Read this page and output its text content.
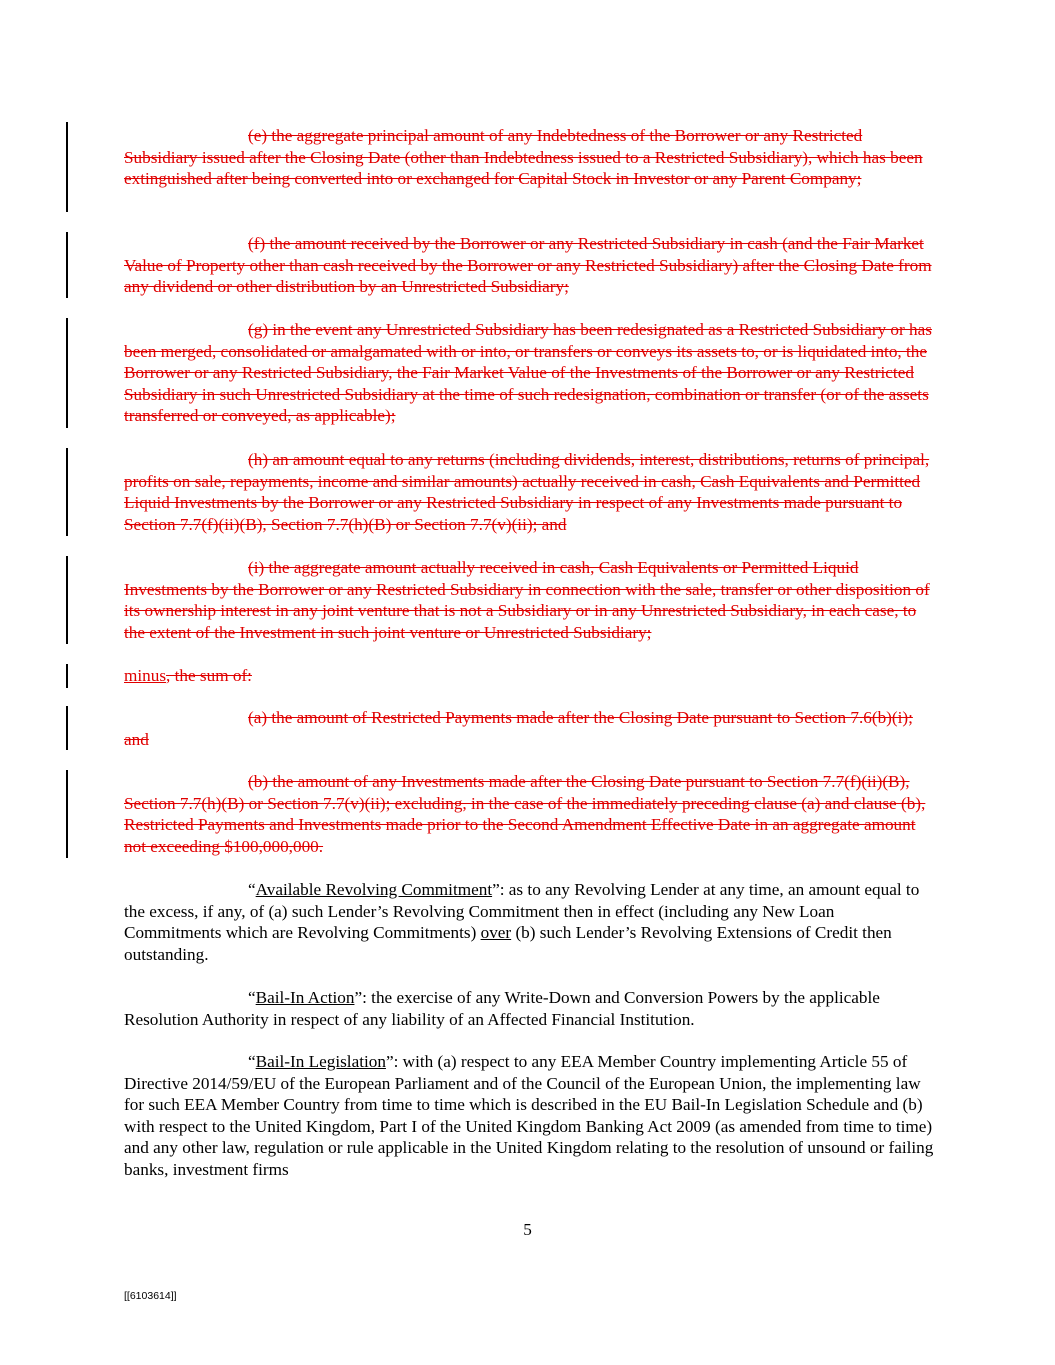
(e) the aggregate principal amount of any Indebtedness of the Borrower or any Restricted Subsidiary issued after the Closing Date (other than Indebtedness issued to a Restricted Subsidiary), which has been extinguished after being converted into or exchanged for Capital Stock in Investor or any Parent Company;

(f) the amount received by the Borrower or any Restricted Subsidiary in cash (and the Fair Market Value of Property other than cash received by the Borrower or any Restricted Subsidiary) after the Closing Date from any dividend or other distribution by an Unrestricted Subsidiary;

(g) in the event any Unrestricted Subsidiary has been redesignated as a Restricted Subsidiary or has been merged, consolidated or amalgamated with or into, or transfers or conveys its assets to, or is liquidated into, the Borrower or any Restricted Subsidiary, the Fair Market Value of the Investments of the Borrower or any Restricted Subsidiary in such Unrestricted Subsidiary at the time of such redesignation, combination or transfer (or of the assets transferred or conveyed, as applicable);

(h) an amount equal to any returns (including dividends, interest, distributions, returns of principal, profits on sale, repayments, income and similar amounts) actually received in cash, Cash Equivalents and Permitted Liquid Investments by the Borrower or any Restricted Subsidiary in respect of any Investments made pursuant to Section 7.7(f)(ii)(B), Section 7.7(h)(B) or Section 7.7(v)(ii); and

(i) the aggregate amount actually received in cash, Cash Equivalents or Permitted Liquid Investments by the Borrower or any Restricted Subsidiary in connection with the sale, transfer or other disposition of its ownership interest in any joint venture that is not a Subsidiary or in any Unrestricted Subsidiary, in each case, to the extent of the Investment in such joint venture or Unrestricted Subsidiary;

minus, the sum of:

(a) the amount of Restricted Payments made after the Closing Date pursuant to Section 7.6(b)(i); and

(b) the amount of any Investments made after the Closing Date pursuant to Section 7.7(f)(ii)(B), Section 7.7(h)(B) or Section 7.7(v)(ii); excluding, in the case of the immediately preceding clause (a) and clause (b), Restricted Payments and Investments made prior to the Second Amendment Effective Date in an aggregate amount not exceeding $100,000,000.

“Available Revolving Commitment”: as to any Revolving Lender at any time, an amount equal to the excess, if any, of (a) such Lender’s Revolving Commitment then in effect (including any New Loan Commitments which are Revolving Commitments) over (b) such Lender’s Revolving Extensions of Credit then outstanding.

“Bail-In Action”: the exercise of any Write-Down and Conversion Powers by the applicable Resolution Authority in respect of any liability of an Affected Financial Institution.

“Bail-In Legislation”: with (a) respect to any EEA Member Country implementing Article 55 of Directive 2014/59/EU of the European Parliament and of the Council of the European Union, the implementing law for such EEA Member Country from time to time which is described in the EU Bail-In Legislation Schedule and (b) with respect to the United Kingdom, Part I of the United Kingdom Banking Act 2009 (as amended from time to time) and any other law, regulation or rule applicable in the United Kingdom relating to the resolution of unsound or failing banks, investment firms

5
[[6103614]]
